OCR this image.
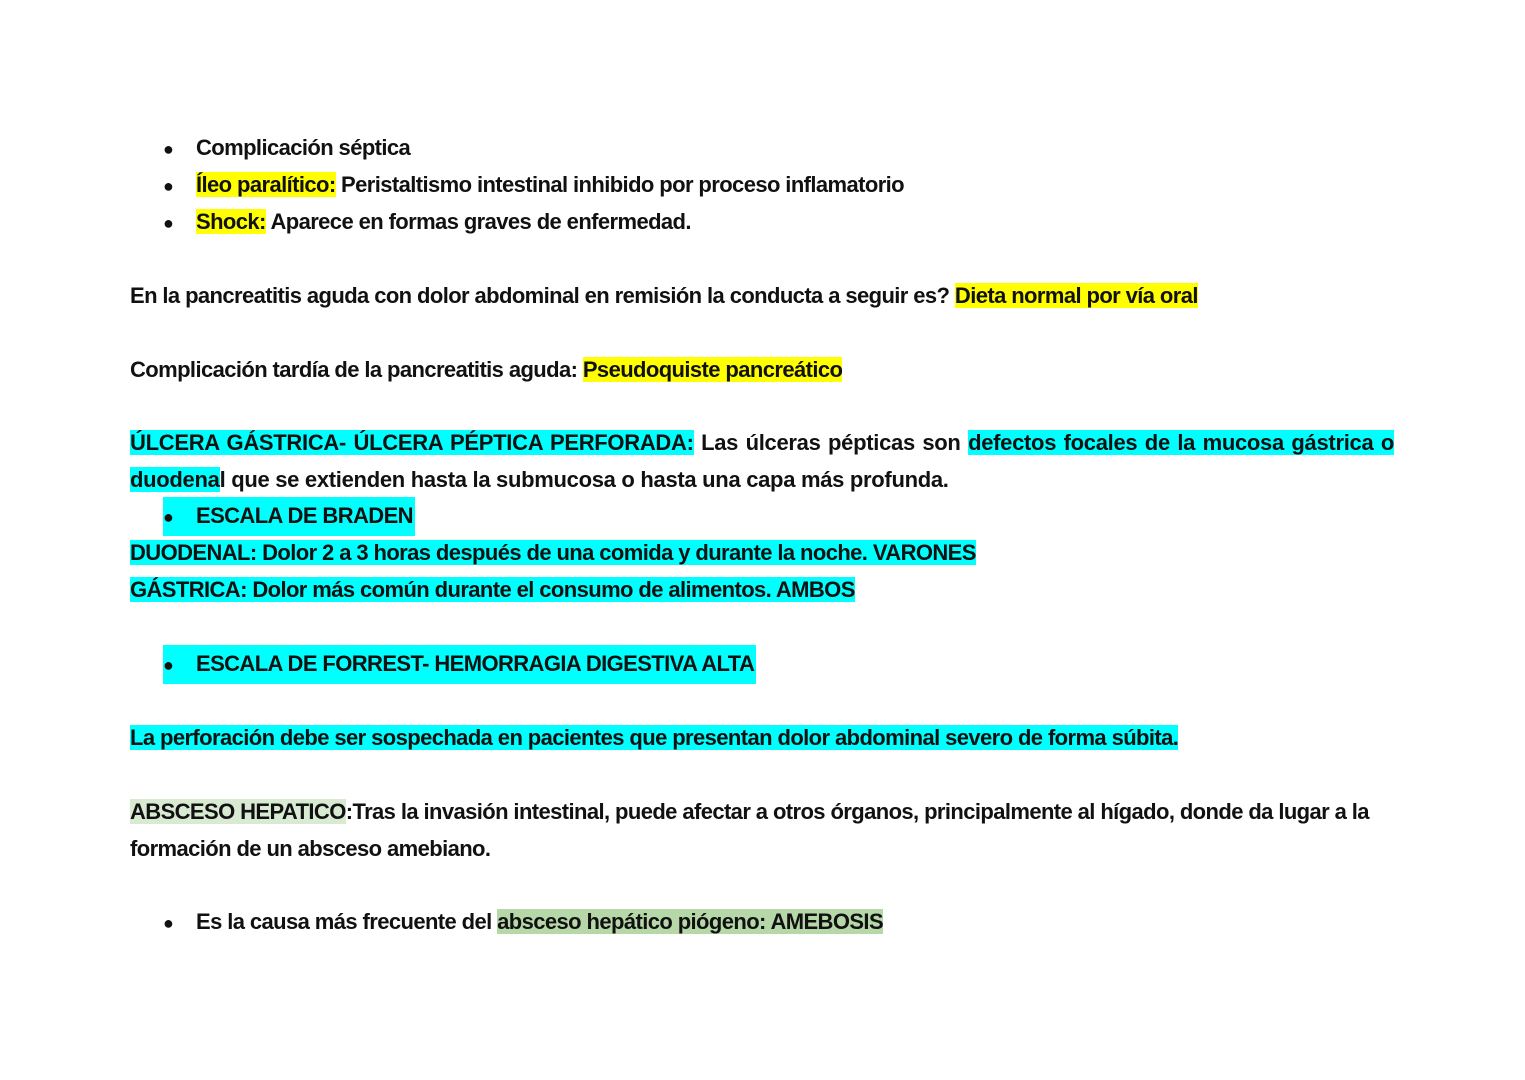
● Complicación séptica
● Íleo paralítico: Peristaltismo intestinal inhibido por proceso inflamatorio
● Shock: Aparece en formas graves de enfermedad.
En la pancreatitis aguda con dolor abdominal en remisión la conducta a seguir es? Dieta normal por vía oral
Complicación tardía de la pancreatitis aguda: Pseudoquiste pancreático
ÚLCERA GÁSTRICA- ÚLCERA PÉPTICA PERFORADA: Las úlceras pépticas son defectos focales de la mucosa gástrica o duodenal que se extienden hasta la submucosa o hasta una capa más profunda.
● ESCALA DE BRADEN
DUODENAL: Dolor 2 a 3 horas después de una comida y durante la noche. VARONES
GÁSTRICA: Dolor más común durante el consumo de alimentos. AMBOS
● ESCALA DE FORREST- HEMORRAGIA DIGESTIVA ALTA
La perforación debe ser sospechada en pacientes que presentan dolor abdominal severo de forma súbita.
ABSCESO HEPATICO:Tras la invasión intestinal, puede afectar a otros órganos, principalmente al hígado, donde da lugar a la
formación de un absceso amebiano.
● Es la causa más frecuente del absceso hepático piógeno: AMEBOSIS
